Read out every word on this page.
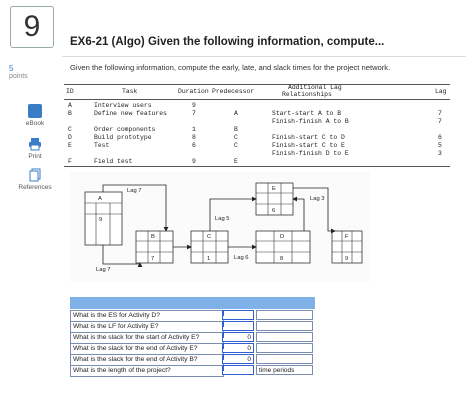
9
5
points
eBook
Print
References
EX6-21 (Algo) Given the following information, compute...
Given the following information, compute the early, late, and slack times for the project network.
ID	Task	Duration Predecessor
Additional Lag
Relationships	Lag
A	Interview users	9
B	Define new features	7	A	Start-start A to B	7
Finish-finish A to B	7
C	Order components	1	B
D	Build prototype	8	C	Finish-start C to D	6
E	Test	6	C	Finish-start C to E	5
Finish-finish D to E	3
F	Field test	9	E
A
9
B
7
C
1
E
6
D
8
F
9
Lag 7
Lag 7
Lag 5
Lag 6
Lag 3
What is the ES for Activity D?
What is the LF for Activity E?
What is the slack for the start of Activity E?	0
What is the slack for the end of Activity E?	0
What is the slack for the end of Activity B?	0
What is the length of the project?	time periods
